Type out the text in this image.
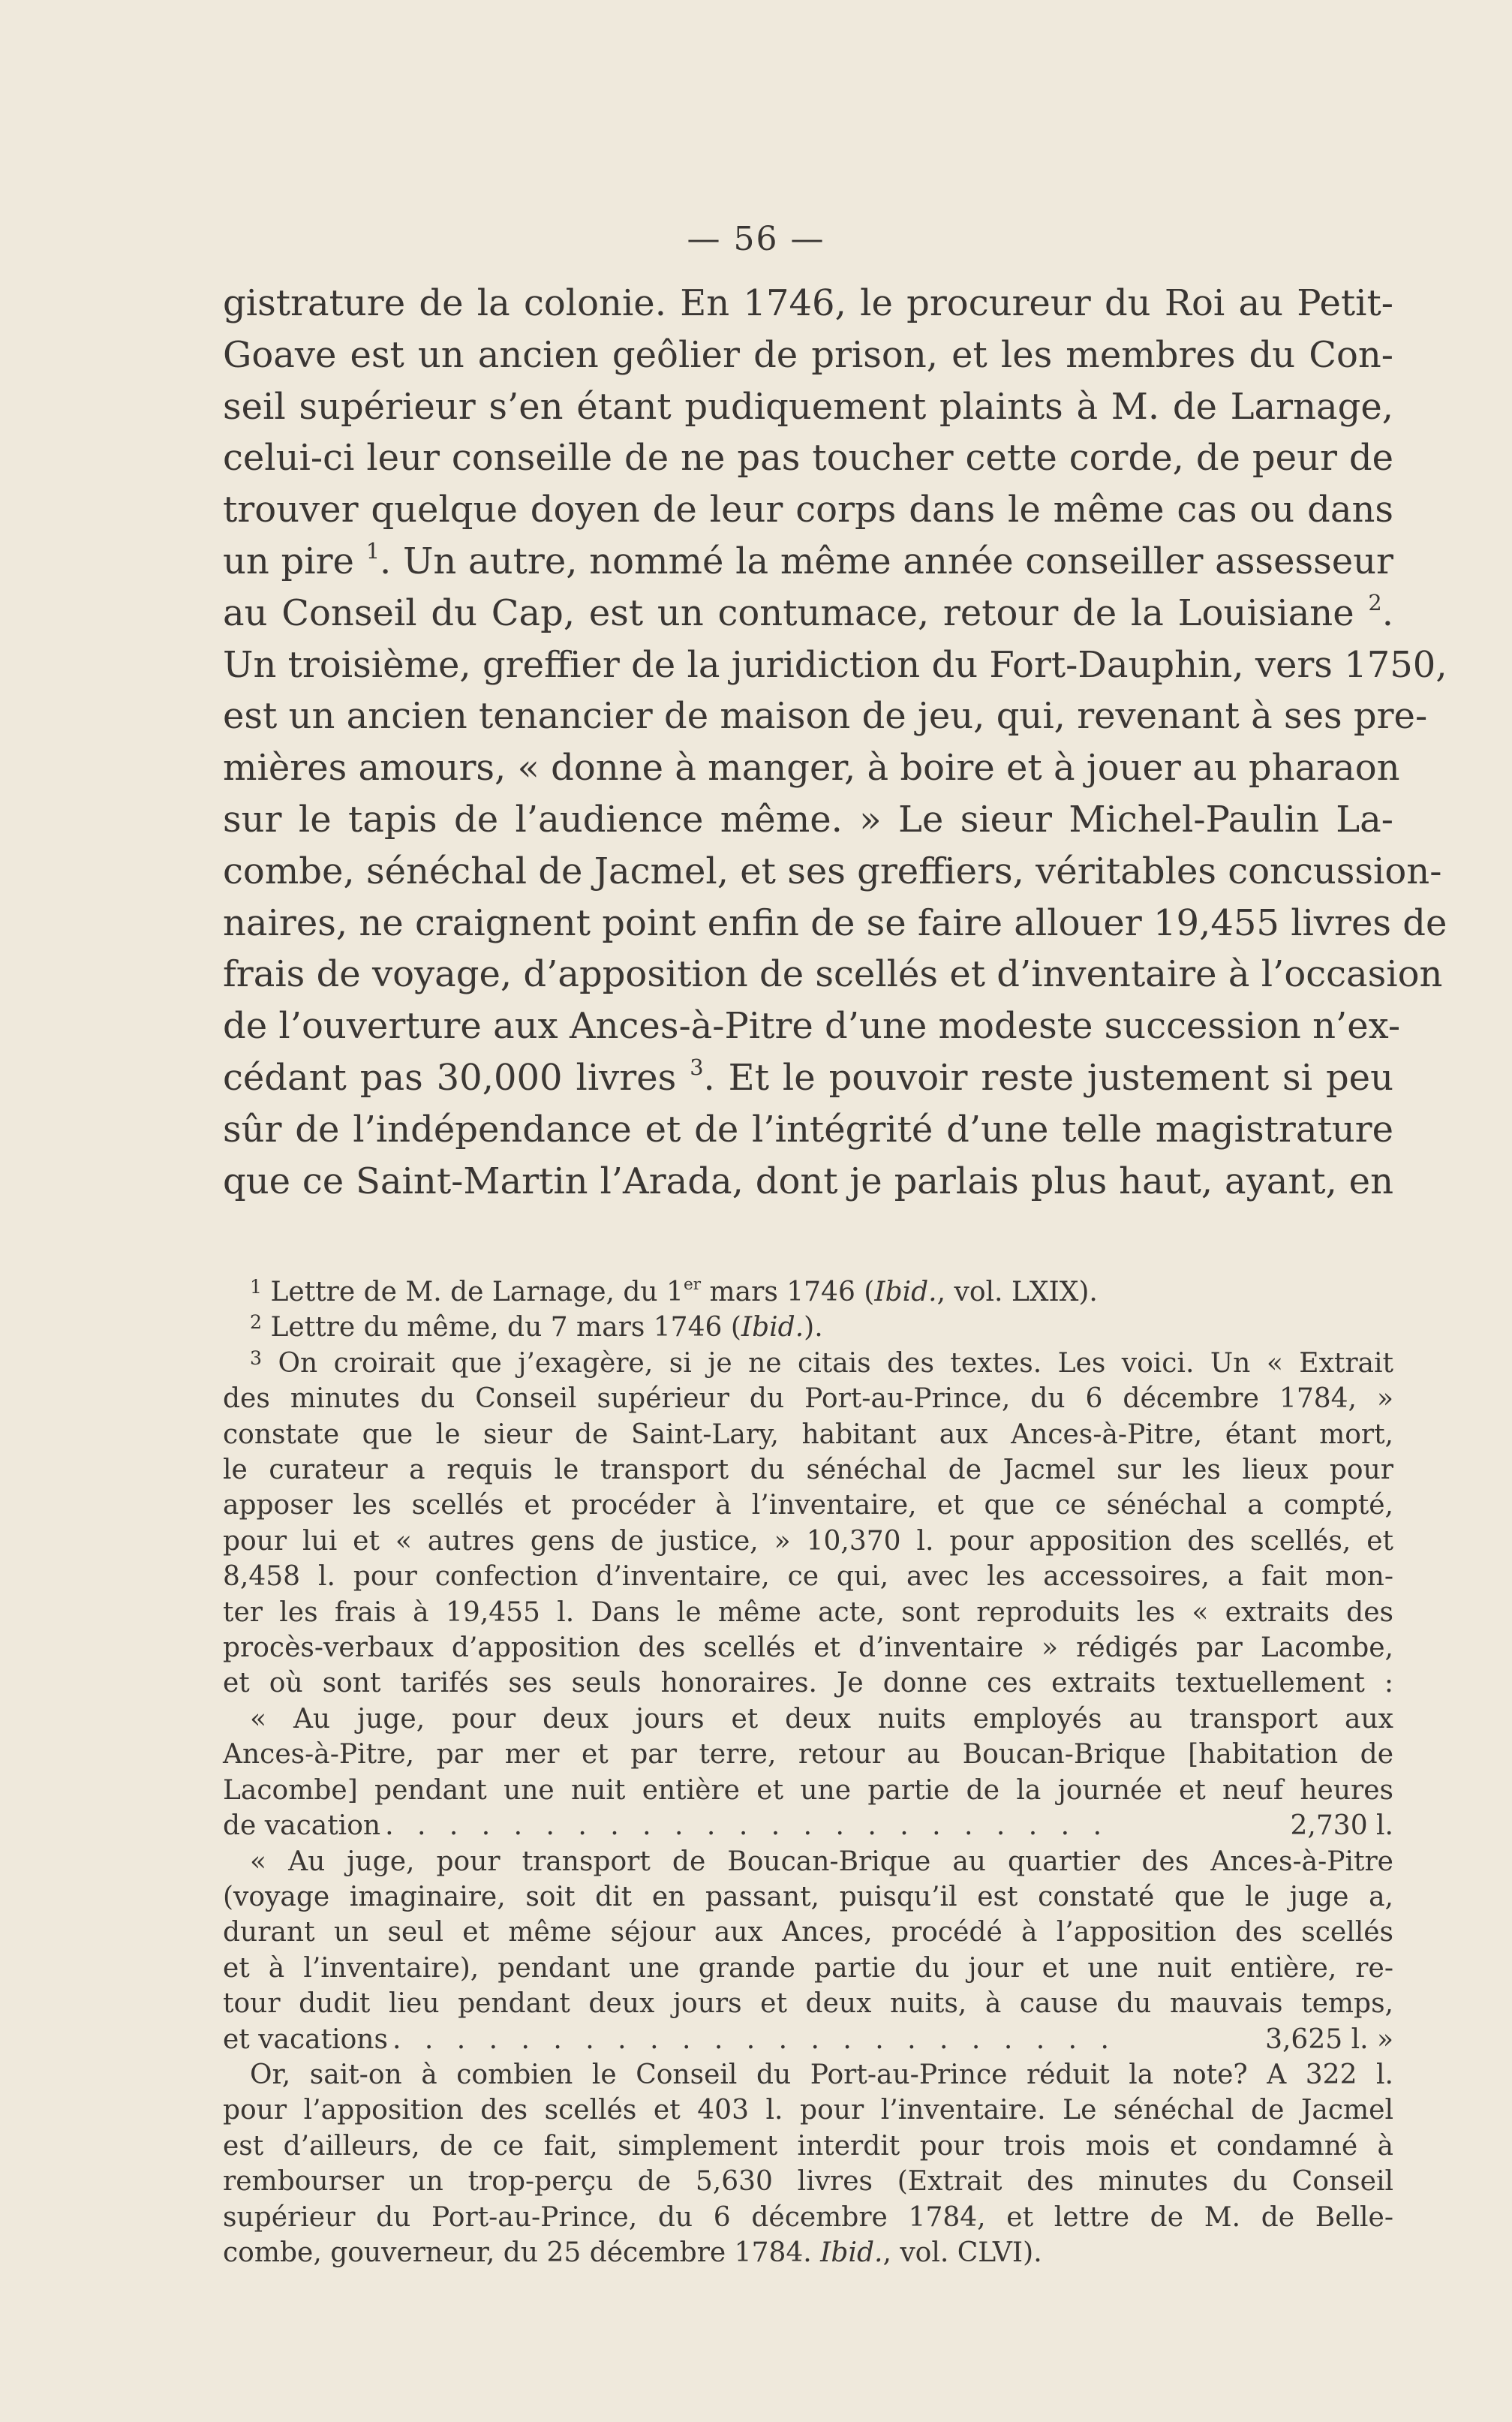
— 56 —
gistrature de la colonie. En 1746, le procureur du Roi au Petit-
Goave est un ancien geôlier de prison, et les membres du Con-
seil supérieur s’en étant pudiquement plaints à M. de Larnage,
celui-ci leur conseille de ne pas toucher cette corde, de peur de
trouver quelque doyen de leur corps dans le même cas ou dans
un pire $^1$. Un autre, nommé la même année conseiller assesseur
au Conseil du Cap, est un contumace, retour de la Louisiane $^2$.
Un troisième, greffier de la juridiction du Fort-Dauphin, vers 1750,
est un ancien tenancier de maison de jeu, qui, revenant à ses pre-
mières amours, « donne à manger, à boire et à jouer au pharaon
sur le tapis de l’audience même. » Le sieur Michel-Paulin La-
combe, sénéchal de Jacmel, et ses greffiers, véritables concussion-
naires, ne craignent point enfin de se faire allouer 19,455 livres de
frais de voyage, d’apposition de scellés et d’inventaire à l’occasion
de l’ouverture aux Ances-à-Pitre d’une modeste succession n’ex-
cédant pas 30,000 livres $^3$. Et le pouvoir reste justement si peu
sûr de l’indépendance et de l’intégrité d’une telle magistrature
que ce Saint-Martin l’Arada, dont je parlais plus haut, ayant, en
$^1$ Lettre de M. de Larnage, du 1er mars 1746 (Ibid., vol. LXIX).
$^2$ Lettre du même, du 7 mars 1746 (Ibid.).
$^3$ On croirait que j’exagère, si je ne citais des textes. Les voici. Un « Extrait
des minutes du Conseil supérieur du Port-au-Prince, du 6 décembre 1784, »
constate que le sieur de Saint-Lary, habitant aux Ances-à-Pitre, étant mort,
le curateur a requis le transport du sénéchal de Jacmel sur les lieux pour
apposer les scellés et procéder à l’inventaire, et que ce sénéchal a compté,
pour lui et « autres gens de justice, » 10,370 l. pour apposition des scellés, et
8,458 l. pour confection d’inventaire, ce qui, avec les accessoires, a fait mon-
ter les frais à 19,455 l. Dans le même acte, sont reproduits les « extraits des
procès-verbaux d’apposition des scellés et d’inventaire » rédigés par Lacombe,
et où sont tarifés ses seuls honoraires. Je donne ces extraits textuellement :
« Au juge, pour deux jours et deux nuits employés au transport aux
Ances-à-Pitre, par mer et par terre, retour au Boucan-Brique [habitation de
Lacombe] pendant une nuit entière et une partie de la journée et neuf heures
de vacation . . . . . . . . . . . . . . . . . . . . . . .	2,730 l.
« Au juge, pour transport de Boucan-Brique au quartier des Ances-à-Pitre
(voyage imaginaire, soit dit en passant, puisqu’il est constaté que le juge a,
durant un seul et même séjour aux Ances, procédé à l’apposition des scellés
et à l’inventaire), pendant une grande partie du jour et une nuit entière, re-
tour dudit lieu pendant deux jours et deux nuits, à cause du mauvais temps,
et vacations . . . . . . . . . . . . . . . . . . . . . . .	3,625 l. »
Or, sait-on à combien le Conseil du Port-au-Prince réduit la note? A 322 l.
pour l’apposition des scellés et 403 l. pour l’inventaire. Le sénéchal de Jacmel
est d’ailleurs, de ce fait, simplement interdit pour trois mois et condamné à
rembourser un trop-perçu de 5,630 livres (Extrait des minutes du Conseil
supérieur du Port-au-Prince, du 6 décembre 1784, et lettre de M. de Belle-
combe, gouverneur, du 25 décembre 1784. Ibid., vol. CLVI).
